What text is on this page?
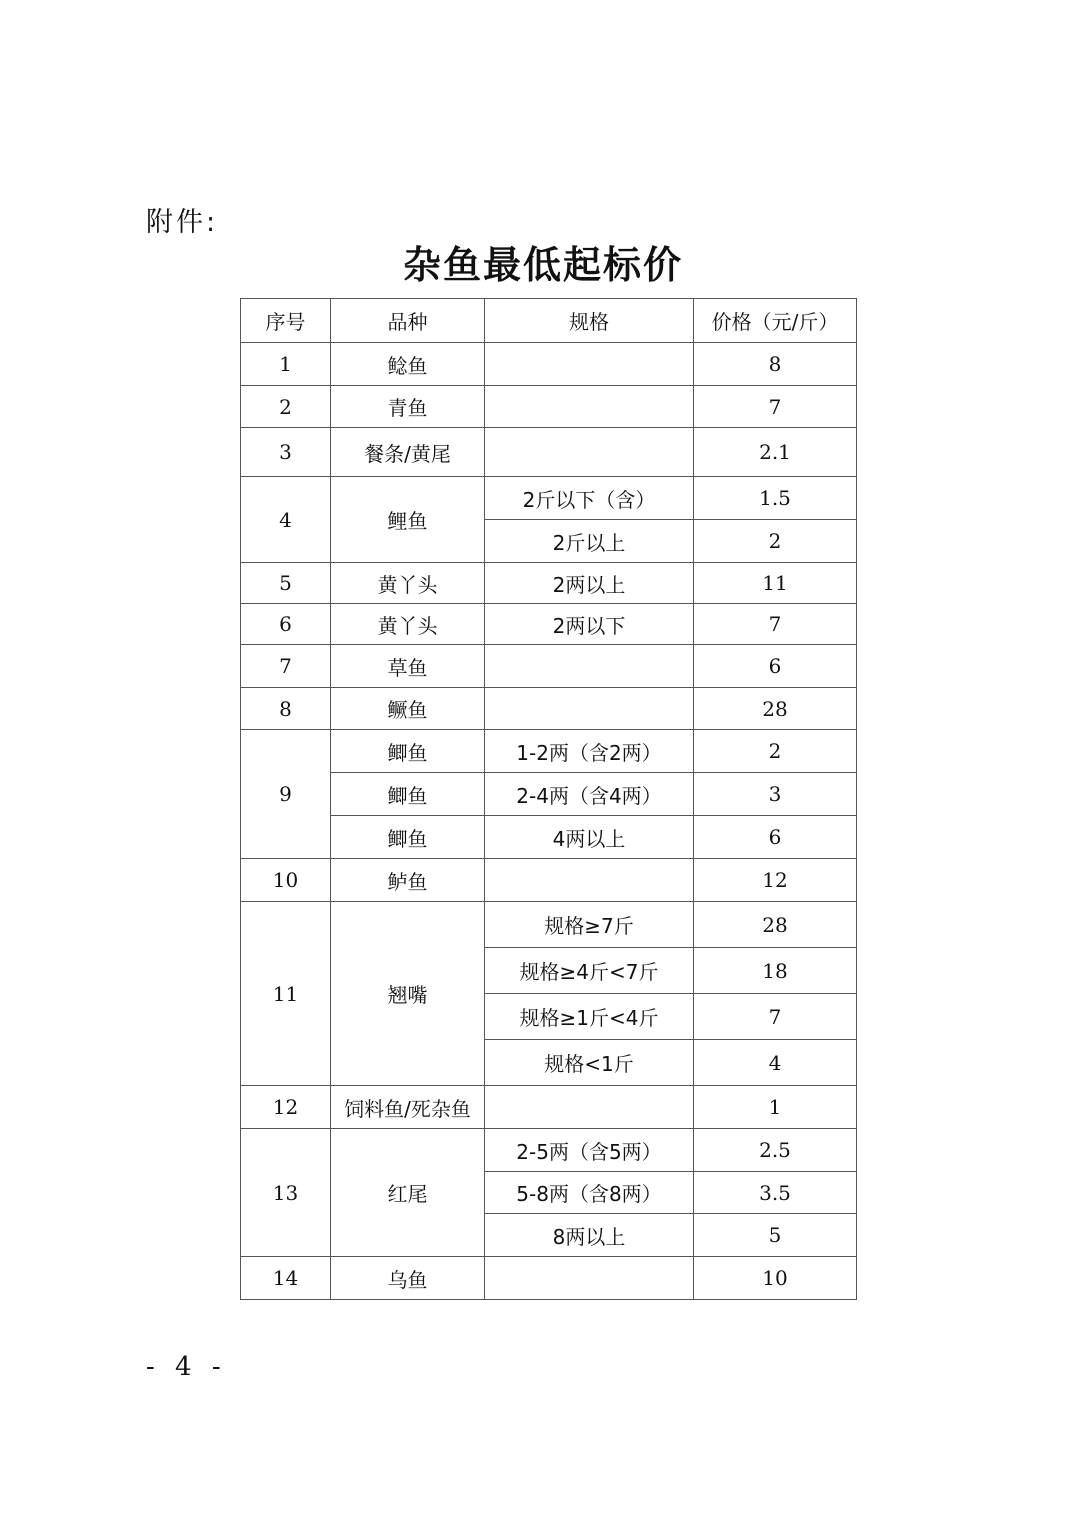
附件:
杂鱼最低起标价
序号	品种	规格	价格（元/斤）
1	鲶鱼		8
2	青鱼		7
3	餐条/黄尾		2.1
4	鲤鱼	2斤以下（含）	1.5
		2斤以上	2
5	黄丫头	2两以上	11
6	黄丫头	2两以下	7
7	草鱼		6
8	鳜鱼		28
9	鲫鱼	1-2两（含2两）	2
	鲫鱼	2-4两（含4两）	3
	鲫鱼	4两以上	6
10	鲈鱼		12
11	翘嘴	规格≥7斤	28
		规格≥4斤<7斤	18
		规格≥1斤<4斤	7
		规格<1斤	4
12	饲料鱼/死杂鱼		1
13	红尾	2-5两（含5两）	2.5
		5-8两（含8两）	3.5
		8两以上	5
14	乌鱼		10
- 4 -
